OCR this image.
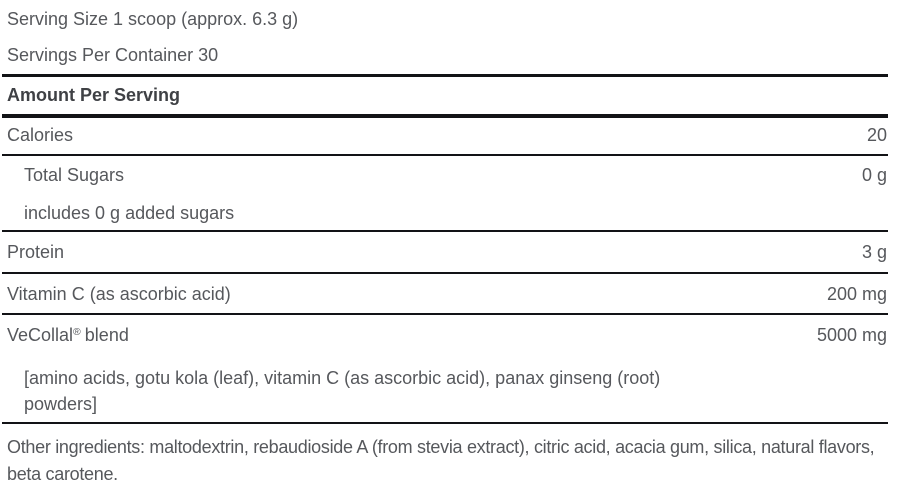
Serving Size 1 scoop (approx. 6.3 g)
Servings Per Container 30
Amount Per Serving
Calories	20
Total Sugars	0 g
includes 0 g added sugars
Protein	3 g
Vitamin C (as ascorbic acid)	200 mg
VeCollal® blend	5000 mg
[amino acids, gotu kola (leaf), vitamin C (as ascorbic acid), panax ginseng (root) powders]
Other ingredients: maltodextrin, rebaudioside A (from stevia extract), citric acid, acacia gum, silica, natural flavors, beta carotene.
